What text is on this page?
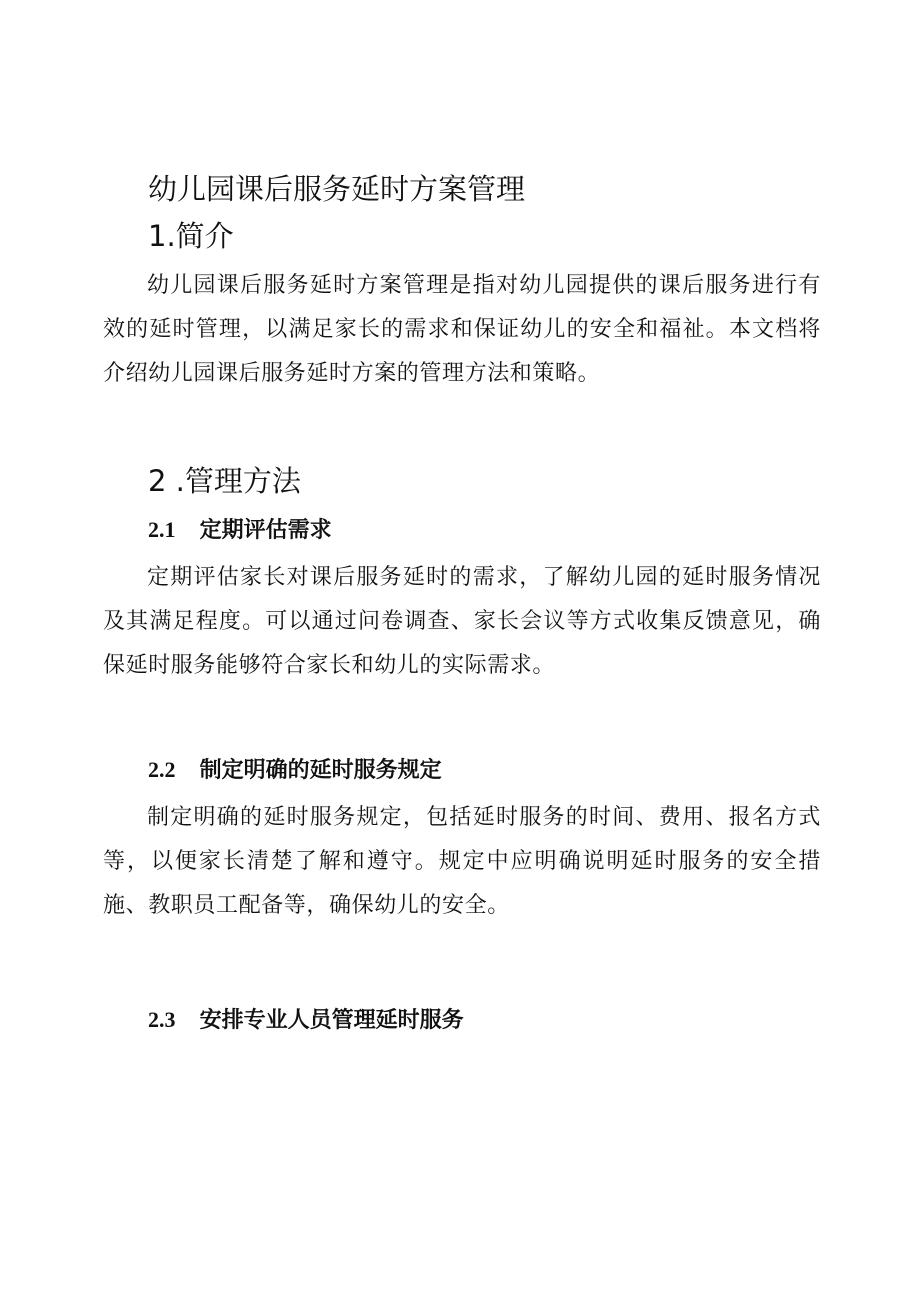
幼儿园课后服务延时方案管理
1.简介

幼儿园课后服务延时方案管理是指对幼儿园提供的课后服务进行有效的延时管理，以满足家长的需求和保证幼儿的安全和福祉。本文档将介绍幼儿园课后服务延时方案的管理方法和策略。

2 .管理方法
2.1 定期评估需求

定期评估家长对课后服务延时的需求，了解幼儿园的延时服务情况及其满足程度。可以通过问卷调查、家长会议等方式收集反馈意见，确保延时服务能够符合家长和幼儿的实际需求。

2.2 制定明确的延时服务规定

制定明确的延时服务规定，包括延时服务的时间、费用、报名方式等，以便家长清楚了解和遵守。规定中应明确说明延时服务的安全措施、教职员工配备等，确保幼儿的安全。

2.3 安排专业人员管理延时服务
